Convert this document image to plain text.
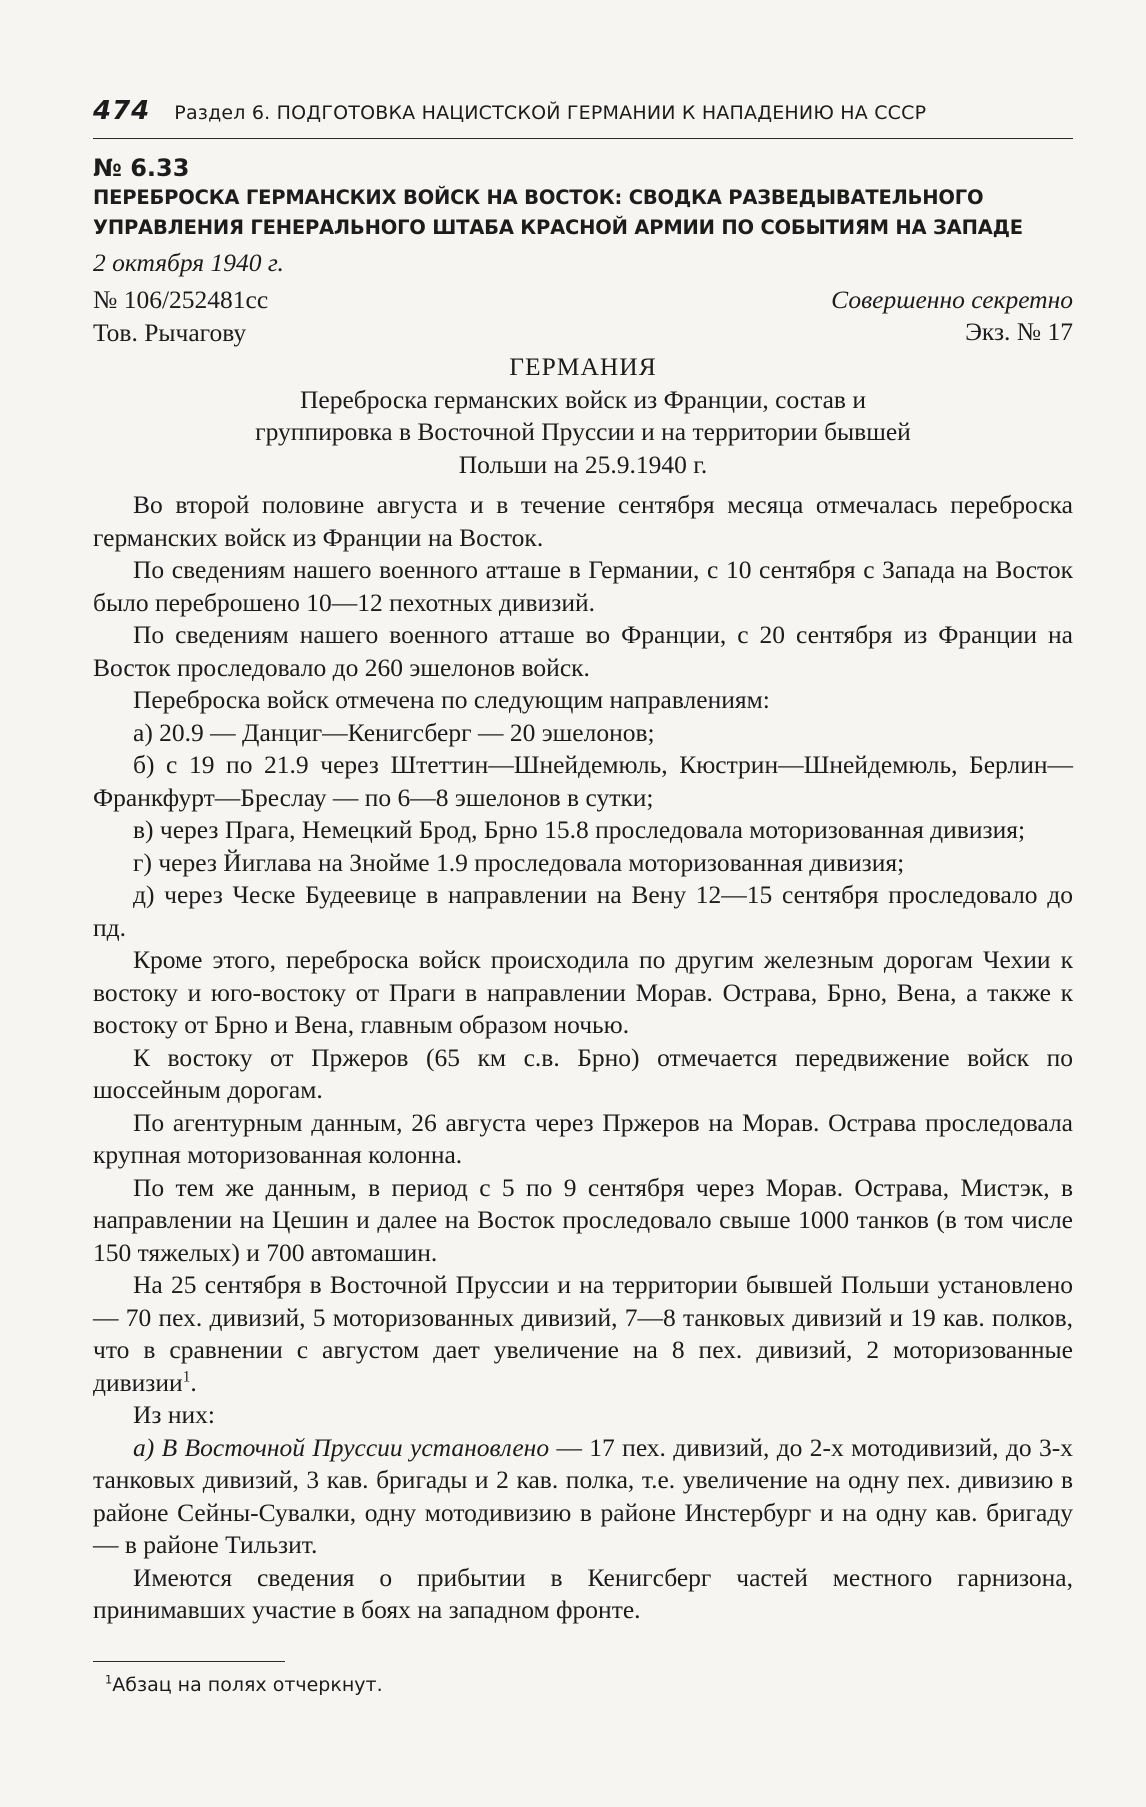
474 Раздел 6. ПОДГОТОВКА НАЦИСТСКОЙ ГЕРМАНИИ К НАПАДЕНИЮ НА СССР
№ 6.33
ПЕРЕБРОСКА ГЕРМАНСКИХ ВОЙСК НА ВОСТОК: СВОДКА РАЗВЕДЫВАТЕЛЬНОГО УПРАВЛЕНИЯ ГЕНЕРАЛЬНОГО ШТАБА КРАСНОЙ АРМИИ ПО СОБЫТИЯМ НА ЗАПАДЕ
2 октября 1940 г.
№ 106/252481сс	Совершенно секретно
Экз. № 17
Тов. Рычагову
ГЕРМАНИЯ
Переброска германских войск из Франции, состав и группировка в Восточной Пруссии и на территории бывшей Польши на 25.9.1940 г.

Во второй половине августа и в течение сентября месяца отмечалась переброска германских войск из Франции на Восток.

По сведениям нашего военного атташе в Германии, с 10 сентября с Запада на Восток было переброшено 10—12 пехотных дивизий.

По сведениям нашего военного атташе во Франции, с 20 сентября из Франции на Восток проследовало до 260 эшелонов войск.

Переброска войск отмечена по следующим направлениям:

а) 20.9 — Данциг—Кенигсберг — 20 эшелонов;

б) с 19 по 21.9 через Штеттин—Шнейдемюль, Кюстрин—Шнейдемюль, Берлин—Франкфурт—Бреслау — по 6—8 эшелонов в сутки;

в) через Прага, Немецкий Брод, Брно 15.8 проследовала моторизованная дивизия;

г) через Йиглава на Знойме 1.9 проследовала моторизованная дивизия;

д) через Ческе Будеевице в направлении на Вену 12—15 сентября проследовало до пд.

Кроме этого, переброска войск происходила по другим железным дорогам Чехии к востоку и юго-востоку от Праги в направлении Морав. Острава, Брно, Вена, а также к востоку от Брно и Вена, главным образом ночью.

К востоку от Пржеров (65 км с.в. Брно) отмечается передвижение войск по шоссейным дорогам.

По агентурным данным, 26 августа через Пржеров на Морав. Острава проследовала крупная моторизованная колонна.

По тем же данным, в период с 5 по 9 сентября через Морав. Острава, Мистэк, в направлении на Цешин и далее на Восток проследовало свыше 1000 танков (в том числе 150 тяжелых) и 700 автомашин.

На 25 сентября в Восточной Пруссии и на территории бывшей Польши установлено — 70 пех. дивизий, 5 моторизованных дивизий, 7—8 танковых дивизий и 19 кав. полков, что в сравнении с августом дает увеличение на 8 пех. дивизий, 2 моторизованные дивизии$^1$.

Из них:

а) В Восточной Пруссии установлено — 17 пех. дивизий, до 2-х мотодивизий, до 3-х танковых дивизий, 3 кав. бригады и 2 кав. полка, т.е. увеличение на одну пех. дивизию в районе Сейны-Сувалки, одну мотодивизию в районе Инстербург и на одну кав. бригаду — в районе Тильзит.

Имеются сведения о прибытии в Кенигсберг частей местного гарнизона, принимавших участие в боях на западном фронте.

$^1$Абзац на полях отчеркнут.
